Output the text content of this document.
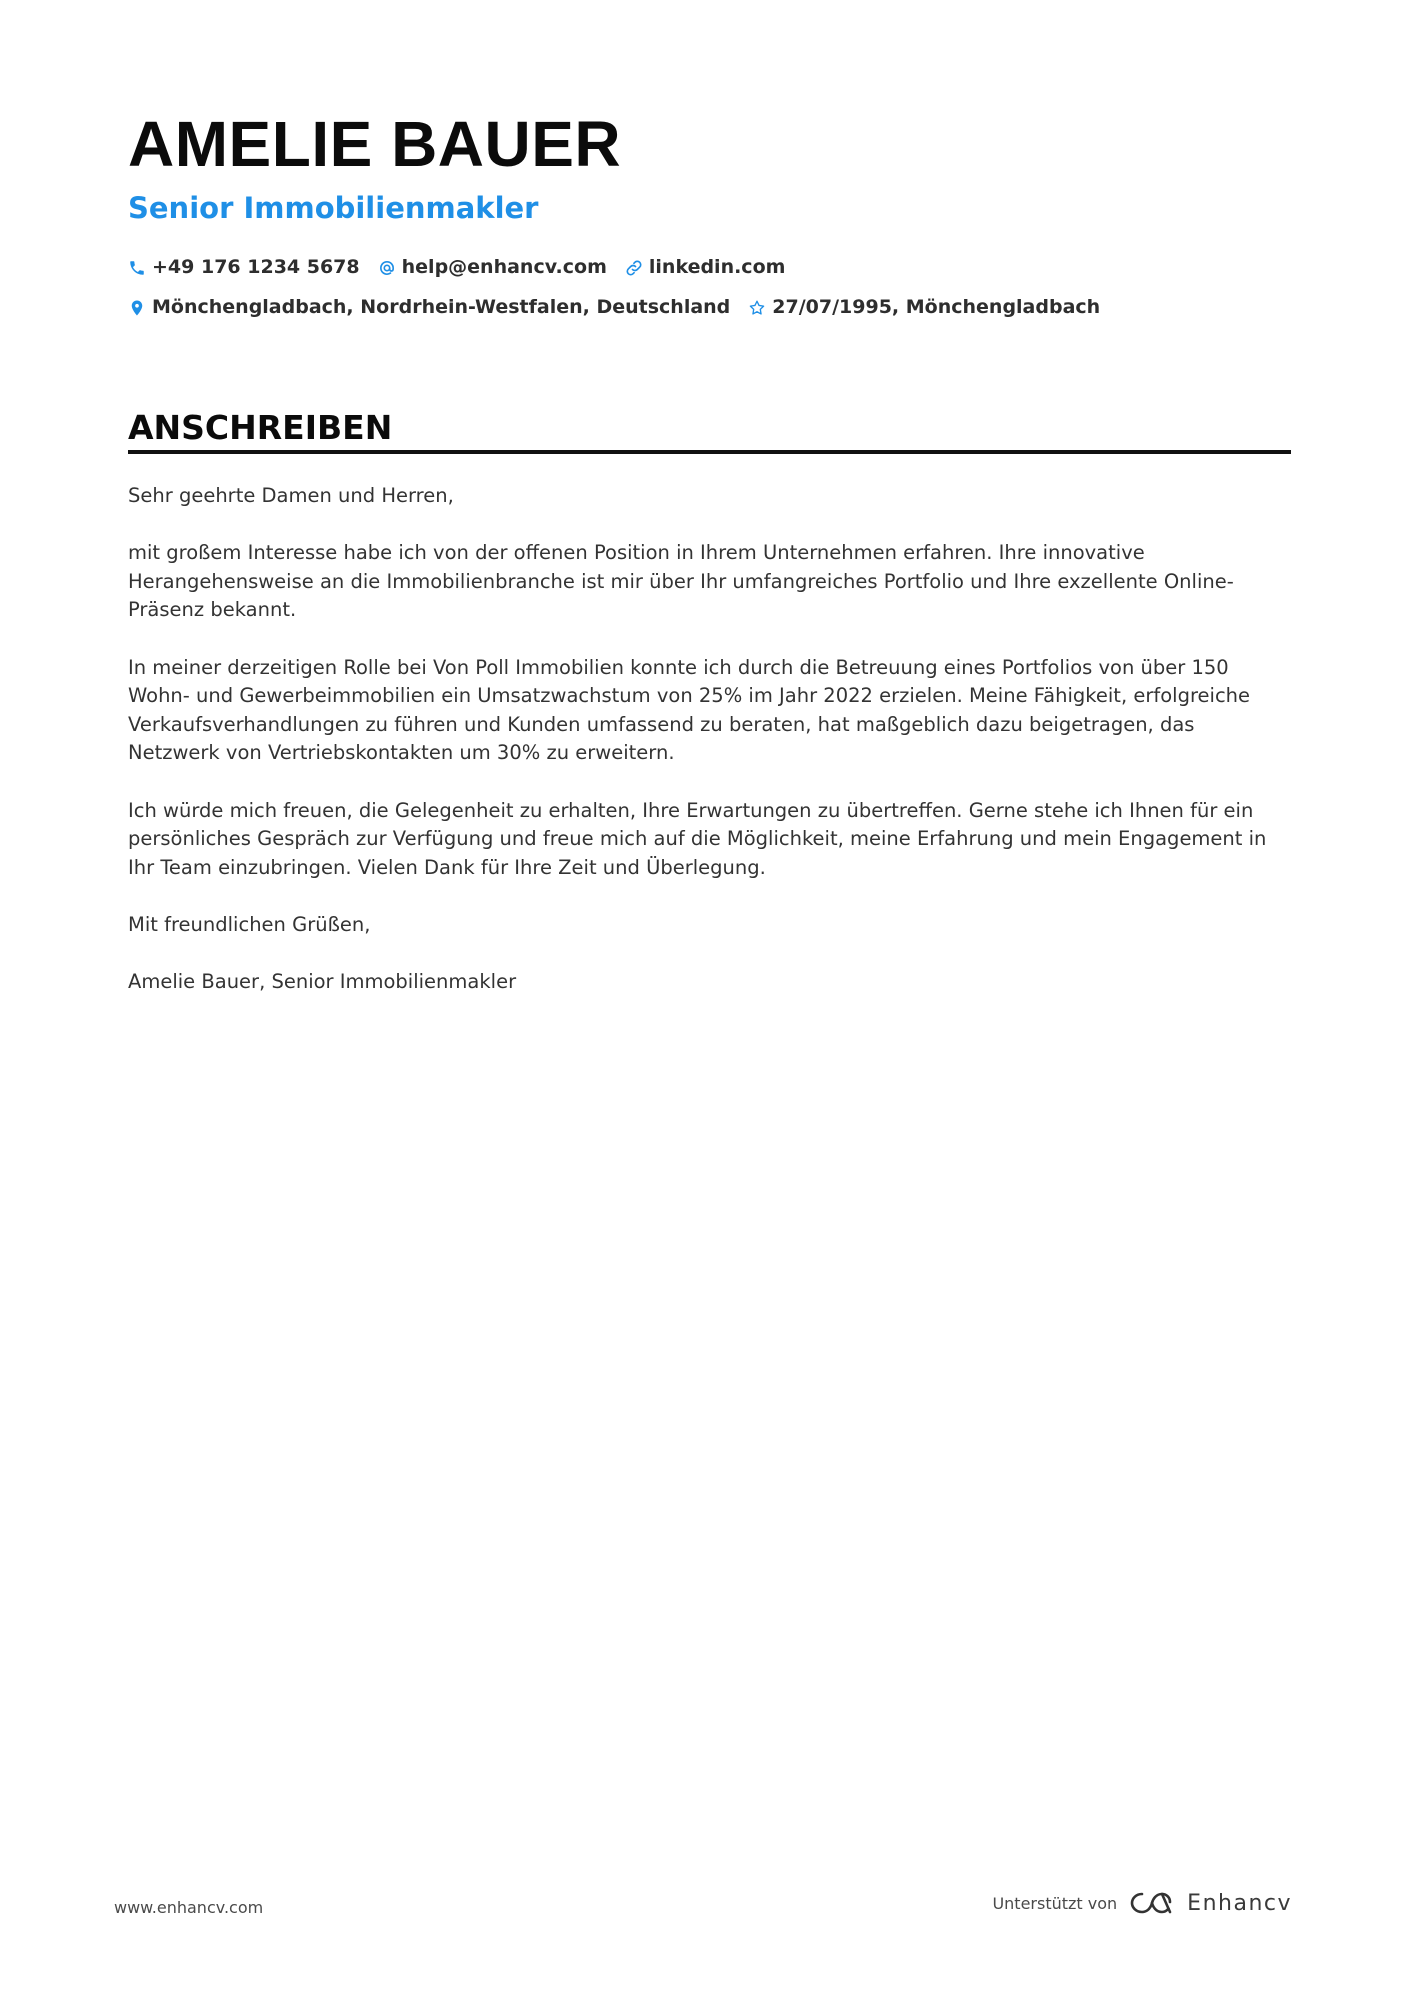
AMELIE BAUER
Senior Immobilienmakler
+49 176 1234 5678 help@enhancv.com linkedin.com
Mönchengladbach, Nordrhein-Westfalen, Deutschland 27/07/1995, Mönchengladbach
ANSCHREIBEN

Sehr geehrte Damen und Herren,

mit großem Interesse habe ich von der offenen Position in Ihrem Unternehmen erfahren. Ihre innovative Herangehensweise an die Immobilienbranche ist mir über Ihr umfangreiches Portfolio und Ihre exzellente Online-Präsenz bekannt.

In meiner derzeitigen Rolle bei Von Poll Immobilien konnte ich durch die Betreuung eines Portfolios von über 150 Wohn- und Gewerbeimmobilien ein Umsatzwachstum von 25% im Jahr 2022 erzielen. Meine Fähigkeit, erfolgreiche Verkaufsverhandlungen zu führen und Kunden umfassend zu beraten, hat maßgeblich dazu beigetragen, das Netzwerk von Vertriebskontakten um 30% zu erweitern.

Ich würde mich freuen, die Gelegenheit zu erhalten, Ihre Erwartungen zu übertreffen. Gerne stehe ich Ihnen für ein persönliches Gespräch zur Verfügung und freue mich auf die Möglichkeit, meine Erfahrung und mein Engagement in Ihr Team einzubringen. Vielen Dank für Ihre Zeit und Überlegung.

Mit freundlichen Grüßen,

Amelie Bauer, Senior Immobilienmakler

www.enhancv.com	Unterstützt von	Enhancv
